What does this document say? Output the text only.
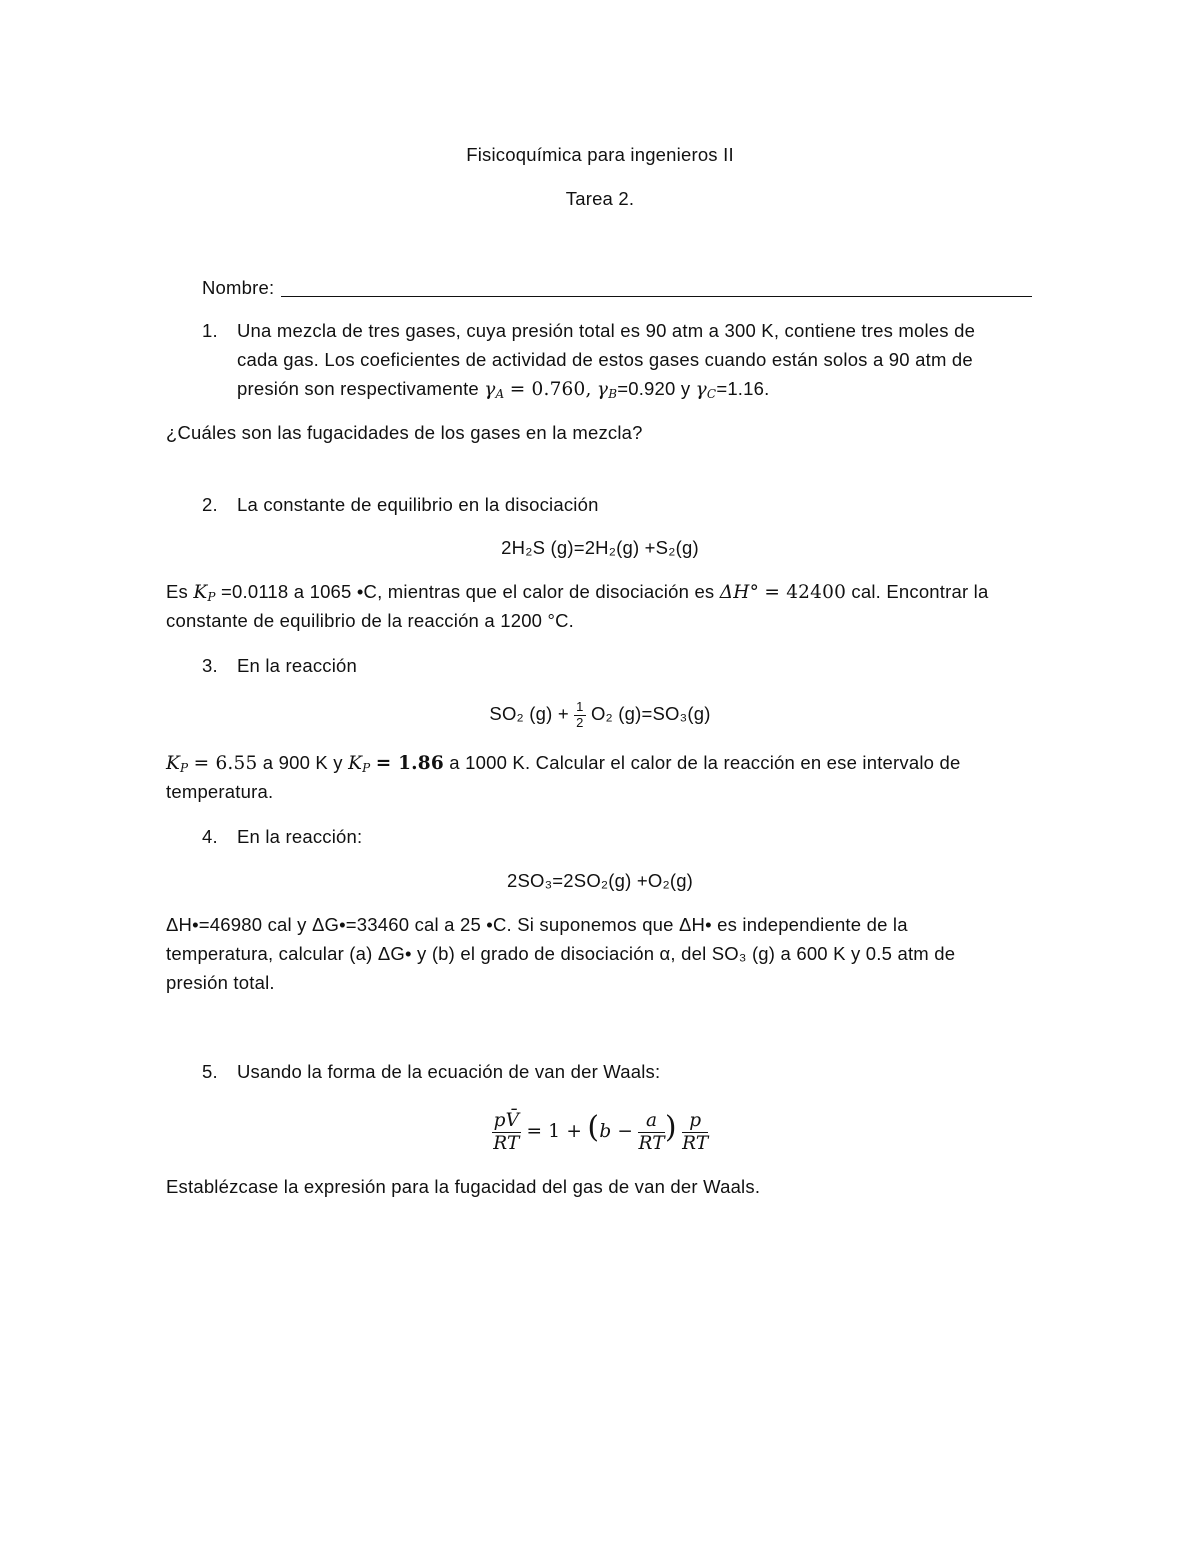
Fisicoquímica para ingenieros II
Tarea 2.
Nombre:
1. Una mezcla de tres gases, cuya presión total es 90 atm a 300 K, contiene tres moles de
cada gas. Los coeficientes de actividad de estos gases cuando están solos a 90 atm de
presión son respectivamente $\gamma_A = 0.760$, $\gamma_B=0.920$ y $\gamma_C=1.16$.
¿Cuáles son las fugacidades de los gases en la mezcla?
2. La constante de equilibrio en la disociación
2H₂S (g)=2H₂(g) +S₂(g)
Es $K_P =0.0118$ a 1065 •C, mientras que el calor de disociación es ΔH° = 42400 cal. Encontrar la
constante de equilibrio de la reacción a 1200 °C.
3. En la reacción
SO₂ $(g) + \frac{1}{2} O_2$ (g)=SO₃(g)
$K_P = 6.55$ a 900 K y $K_P = 1.86$ a 1000 K. Calcular el calor de la reacción en ese intervalo de
temperatura.
4. En la reacción:
2SO₃=2SO₂(g) +O₂(g)
ΔH•=46980 cal y ΔG•=33460 cal a 25 •C. Si suponemos que ΔH• es independiente de la
temperatura, calcular (a) ΔG• y (b) el grado de disociación α, del SO₃ (g) a 600 K y 0.5 atm de
presión total.
5. Usando la forma de la ecuación de van der Waals:
$\frac{pV̄}{RT} = 1 + (b - \frac{a}{RT}$ ) $\frac{p}{RT}$
Establézcase la expresión para la fugacidad del gas de van der Waals.
